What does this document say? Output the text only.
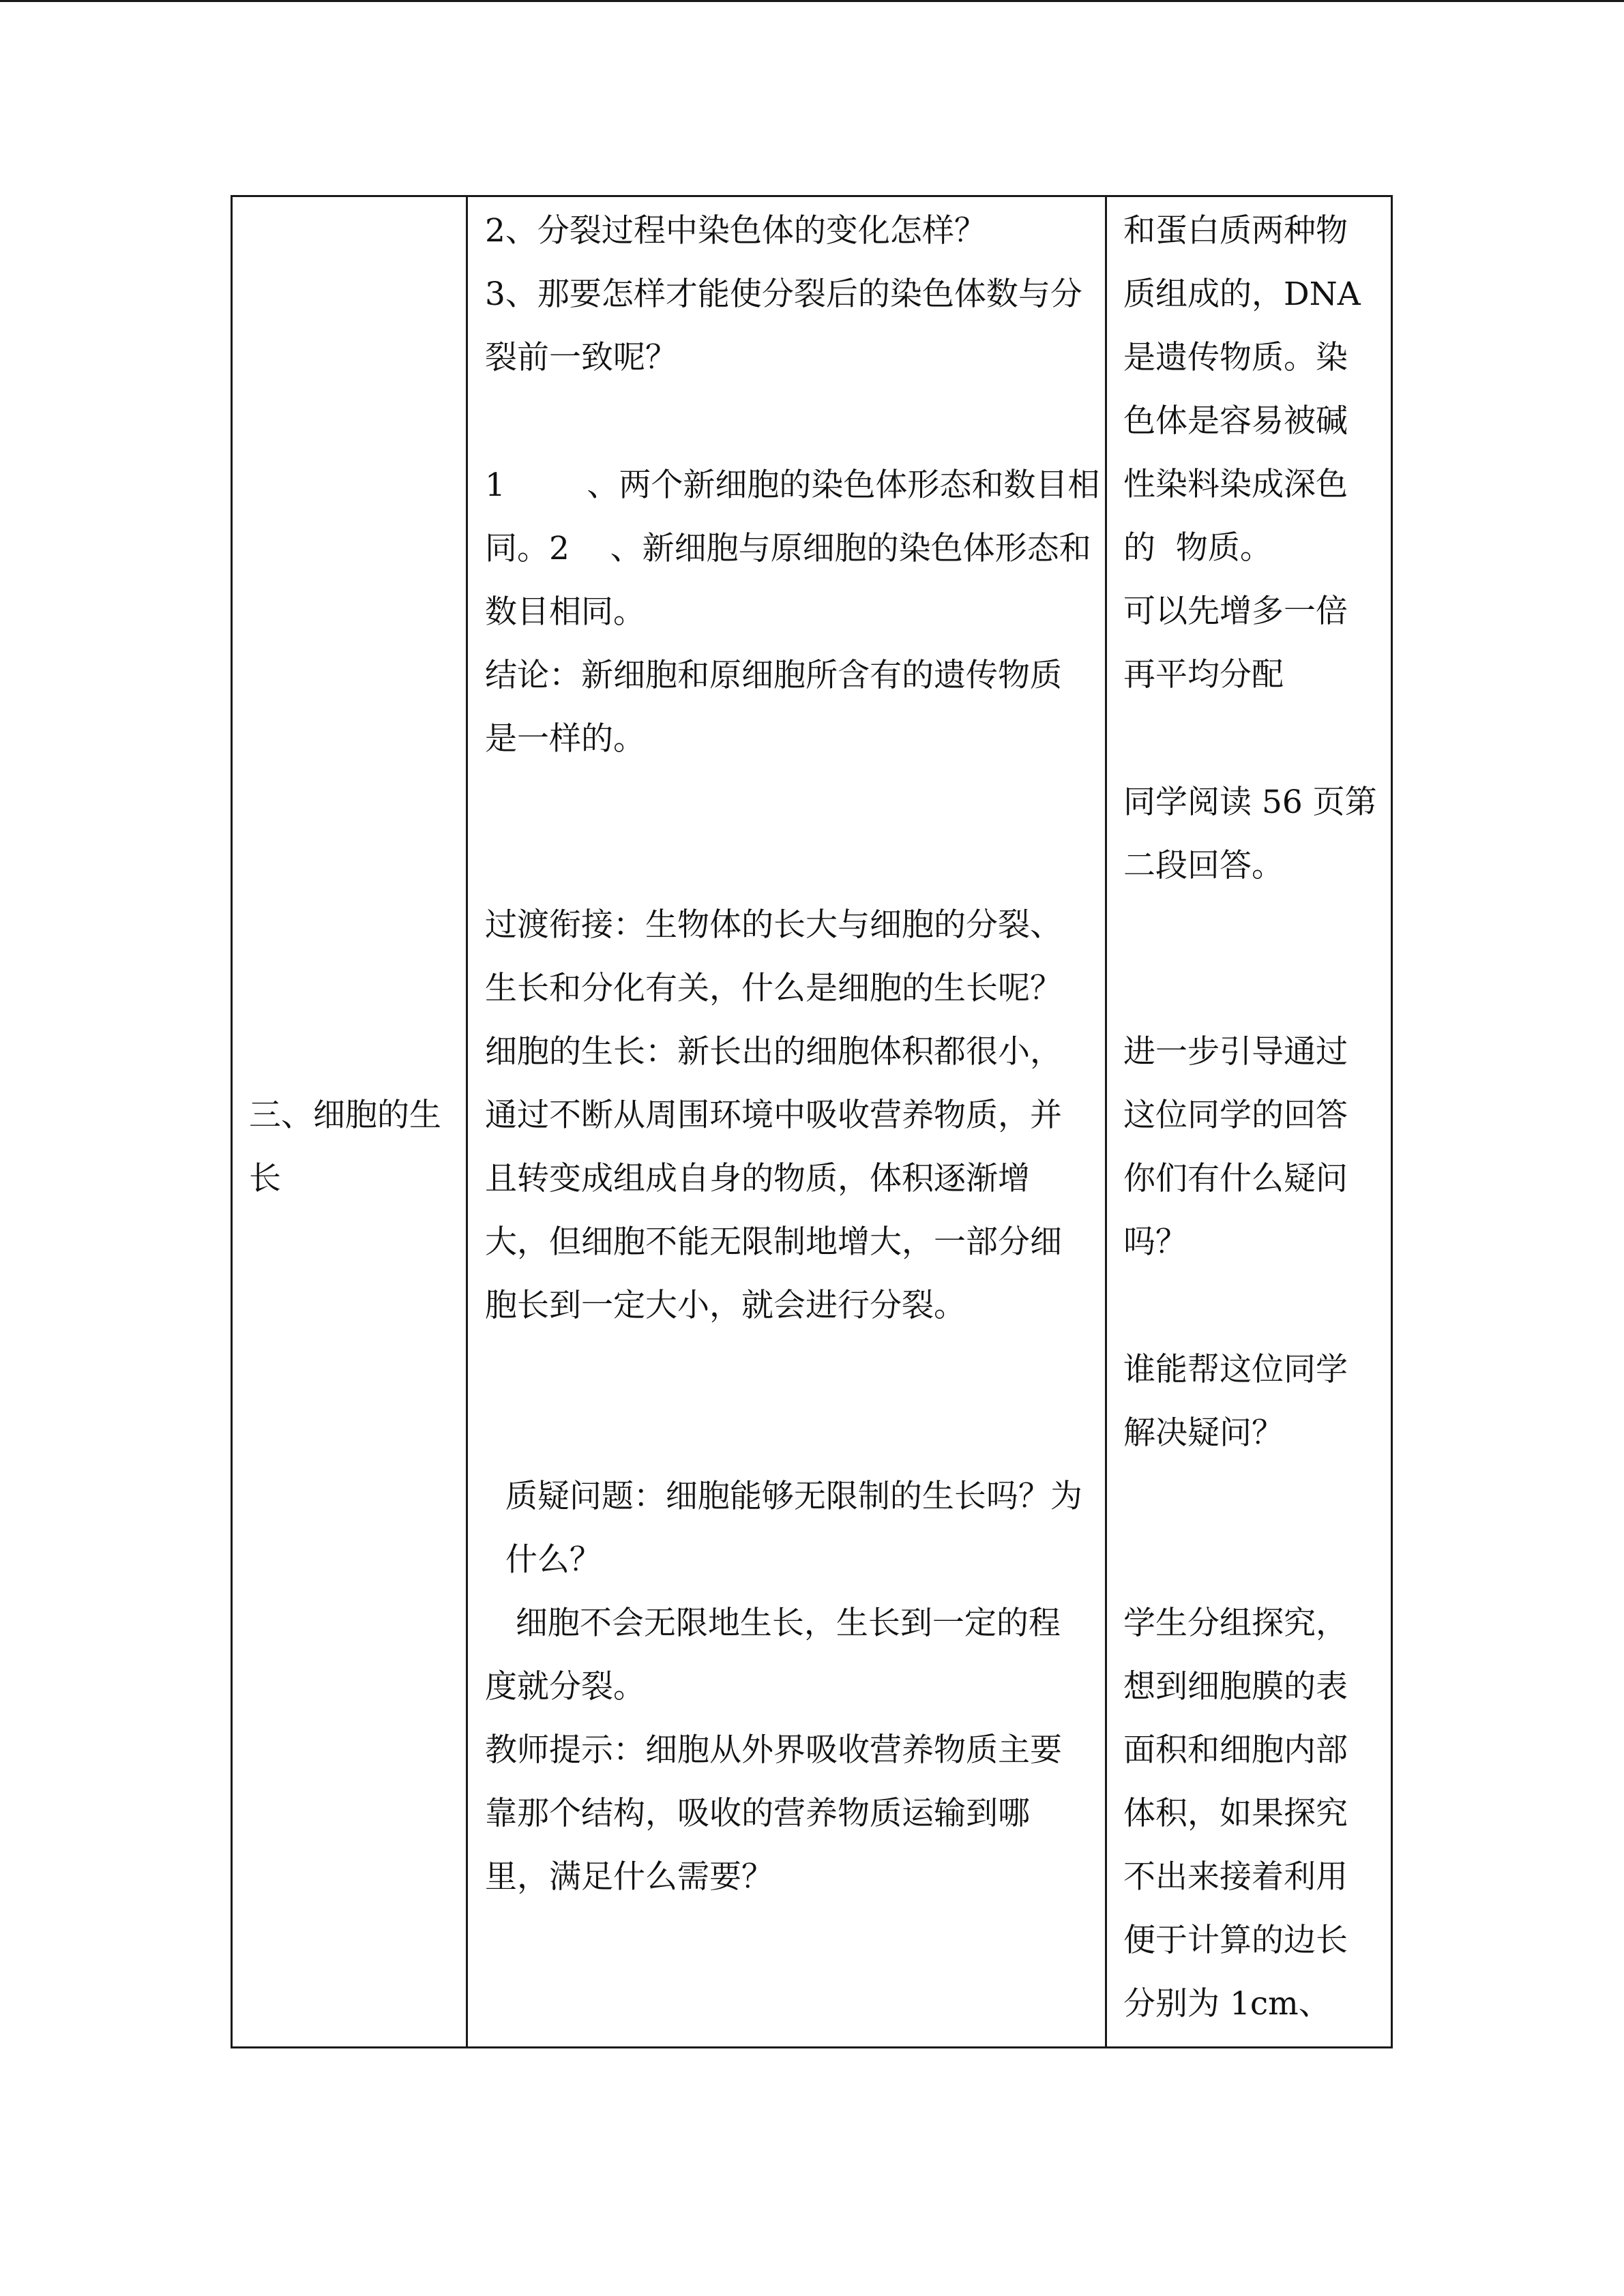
三、细胞的生
长
2、分裂过程中染色体的变化怎样？
3、那要怎样才能使分裂后的染色体数与分
裂前一致呢？
1        、两个新细胞的染色体形态和数目相
同。2    、新细胞与原细胞的染色体形态和
数目相同。
结论：新细胞和原细胞所含有的遗传物质
是一样的。
过渡衔接：生物体的长大与细胞的分裂、
生长和分化有关，什么是细胞的生长呢？
细胞的生长：新长出的细胞体积都很小，
通过不断从周围环境中吸收营养物质，并
且转变成组成自身的物质，体积逐渐增
大，但细胞不能无限制地增大，一部分细
胞长到一定大小，就会进行分裂。
质疑问题：细胞能够无限制的生长吗？为
什么？
细胞不会无限地生长，生长到一定的程
度就分裂。
教师提示：细胞从外界吸收营养物质主要
靠那个结构，吸收的营养物质运输到哪
里，满足什么需要？
和蛋白质两种物
质组成的，DNA
是遗传物质。染
色体是容易被碱
性染料染成深色
的  物质。
可以先增多一倍
再平均分配
同学阅读 56 页第
二段回答。
进一步引导通过
这位同学的回答
你们有什么疑问
吗？
谁能帮这位同学
解决疑问？
学生分组探究，
想到细胞膜的表
面积和细胞内部
体积，如果探究
不出来接着利用
便于计算的边长
分别为 1cm、
